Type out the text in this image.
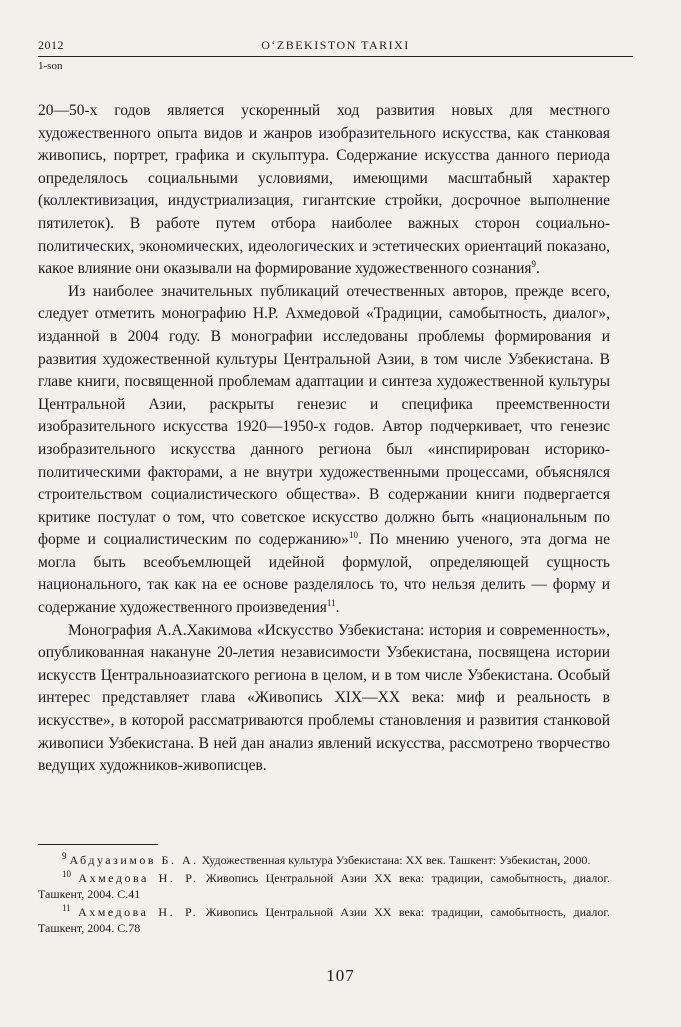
2012	O‘ZBEKISTON TARIXI
1-son

20—50-х годов является ускоренный ход развития новых для местного художественного опыта видов и жанров изобразительного искусства, как станковая живопись, портрет, графика и скульптура. Содержание искусства данного периода определялось социальными условиями, имеющими масштабный характер (коллективизация, индустриализация, гигантские стройки, досрочное выполнение пятилеток). В работе путем отбора наиболее важных сторон социально-политических, экономических, идеологических и эстетических ориентаций показано, какое влияние они оказывали на формирование художественного сознания$^9$.

Из наиболее значительных публикаций отечественных авторов, прежде всего, следует отметить монографию Н.Р. Ахмедовой «Традиции, самобытность, диалог», изданной в 2004 году. В монографии исследованы проблемы формирования и развития художественной культуры Центральной Азии, в том числе Узбекистана. В главе книги, посвященной проблемам адаптации и синтеза художественной культуры Центральной Азии, раскрыты генезис и специфика преемственности изобразительного искусства 1920—1950-х годов. Автор подчеркивает, что генезис изобразительного искусства данного региона был «инспирирован историко-политическими факторами, а не внутри художественными процессами, объяснялся строительством социалистического общества». В содержании книги подвергается критике постулат о том, что советское искусство должно быть «национальным по форме и социалистическим по содержанию»$^{10}$. По мнению ученого, эта догма не могла быть всеобъемлющей идейной формулой, определяющей сущность национального, так как на ее основе разделялось то, что нельзя делить — форму и содержание художественного произведения$^{11}$.

Монография А.А.Хакимова «Искусство Узбекистана: история и современность», опубликованная накануне 20-летия независимости Узбекистана, посвящена истории искусств Центральноазиатского региона в целом, и в том числе Узбекистана. Особый интерес представляет глава «Живопись XIX—XX века: миф и реальность в искусстве», в которой рассматриваются проблемы становления и развития станковой живописи Узбекистана. В ней дан анализ явлений искусства, рассмотрено творчество ведущих художников-живописцев.

$^9$ Абдуазимов Б. А. Художественная культура Узбекистана: XX век. Ташкент: Узбекистан, 2000.

$^{10}$ Ахмедова Н. Р. Живопись Центральной Азии XX века: традиции, самобытность, диалог. Ташкент, 2004. С.41

$^{11}$ Ахмедова Н. Р. Живопись Центральной Азии XX века: традиции, самобытность, диалог. Ташкент, 2004. С.78

107
